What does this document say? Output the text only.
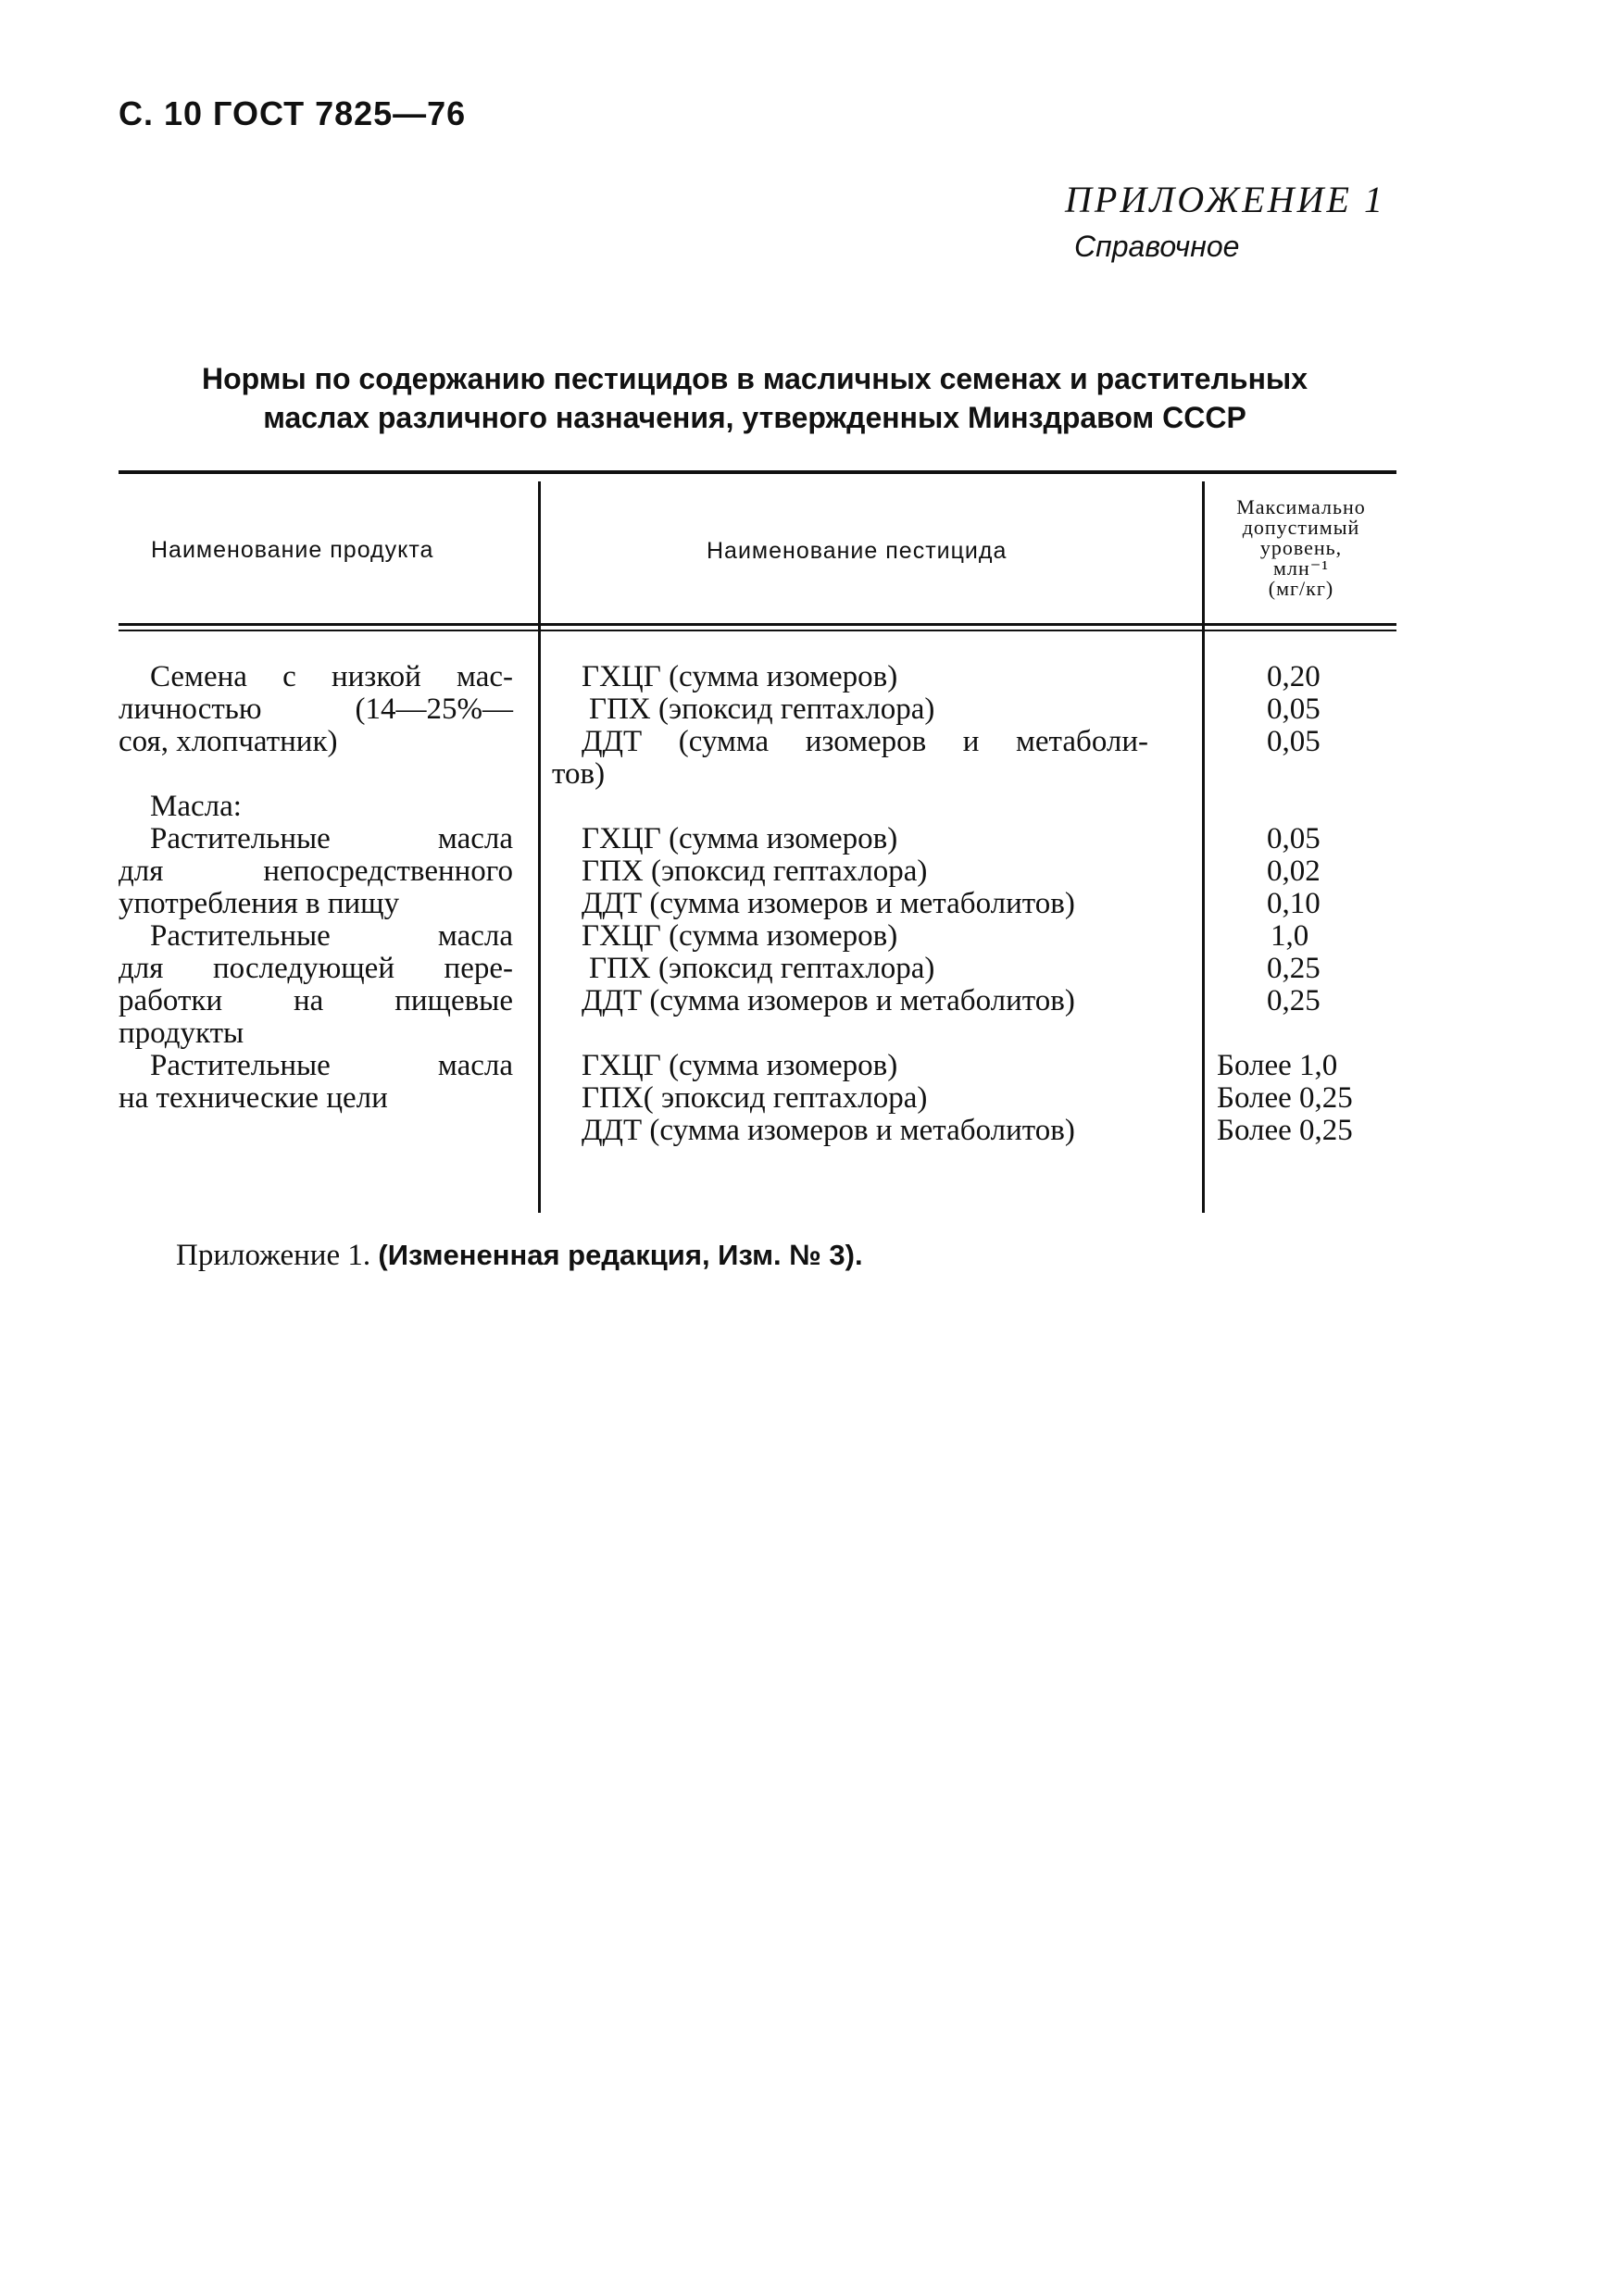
С. 10 ГОСТ 7825—76
ПРИЛОЖЕНИЕ 1
Справочное
Нормы по содержанию пестицидов в масличных семенах и растительных
маслах различного назначения, утвержденных Минздравом СССР
Наименование продукта	Наименование пестицида
Максимально
допустимый
уровень,
млн⁻¹
(мг/кг)
Семена с низкой мас-
личностью (14—25%—
соя, хлопчатник)
ГХЦГ (сумма изомеров)
ГПХ (эпоксид гептахлора)
ДДТ (сумма изомеров и метаболи-
тов)
0,20
0,05
0,05
Масла:
Растительные масла
для непосредственного
употребления в пищу
ГХЦГ (сумма изомеров)
ГПХ (эпоксид гептахлора)
ДДТ (сумма изомеров и метаболитов)
0,05
0,02
0,10
Растительные масла
для последующей пере-
работки на пищевые
продукты
ГХЦГ (сумма изомеров)
ГПХ (эпоксид гептахлора)
ДДТ (сумма изомеров и метаболитов)
1,0
0,25
0,25
Растительные масла
на технические цели
ГХЦГ (сумма изомеров)
ГПХ( эпоксид гептахлора)
ДДТ (сумма изомеров и метаболитов)
Более 1,0
Более 0,25
Более 0,25
Приложение 1. (Измененная редакция, Изм. № 3).
